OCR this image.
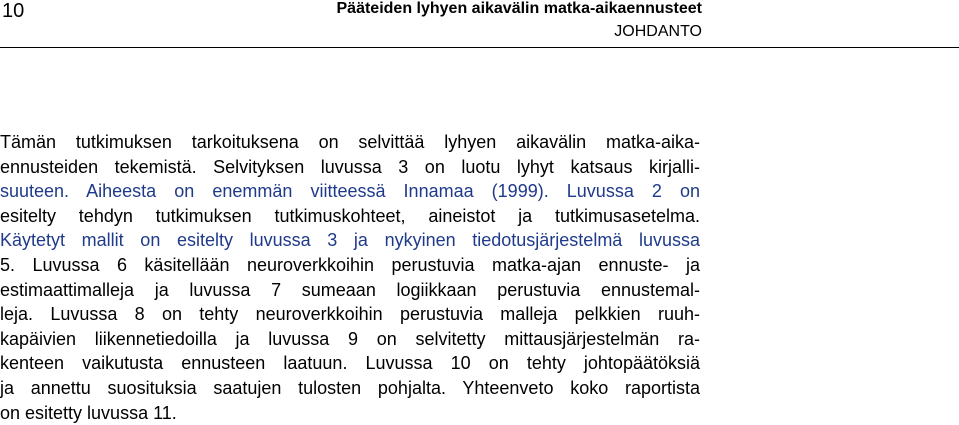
10	Pääteiden lyhyen aikavälin matka-aikaennusteet
JOHDANTO
Tämän tutkimuksen tarkoituksena on selvittää lyhyen aikavälin matka-aika-
ennusteiden tekemistä. Selvityksen luvussa 3 on luotu lyhyt katsaus kirjalli-
suuteen. Aiheesta on enemmän viitteessä Innamaa (1999). Luvussa 2 on
esitelty tehdyn tutkimuksen tutkimuskohteet, aineistot ja tutkimusasetelma.
Käytetyt mallit on esitelty luvussa 3 ja nykyinen tiedotusjärjestelmä luvussa
5. Luvussa 6 käsitellään neuroverkkoihin perustuvia matka-ajan ennuste- ja
estimaattimalleja ja luvussa 7 sumeaan logiikkaan perustuvia ennustemal-
leja. Luvussa 8 on tehty neuroverkkoihin perustuvia malleja pelkkien ruuh-
kapäivien liikennetiedoilla ja luvussa 9 on selvitetty mittausjärjestelmän ra-
kenteen vaikutusta ennusteen laatuun. Luvussa 10 on tehty johtopäätöksiä
ja annettu suosituksia saatujen tulosten pohjalta. Yhteenveto koko raportista
on esitetty luvussa 11.
